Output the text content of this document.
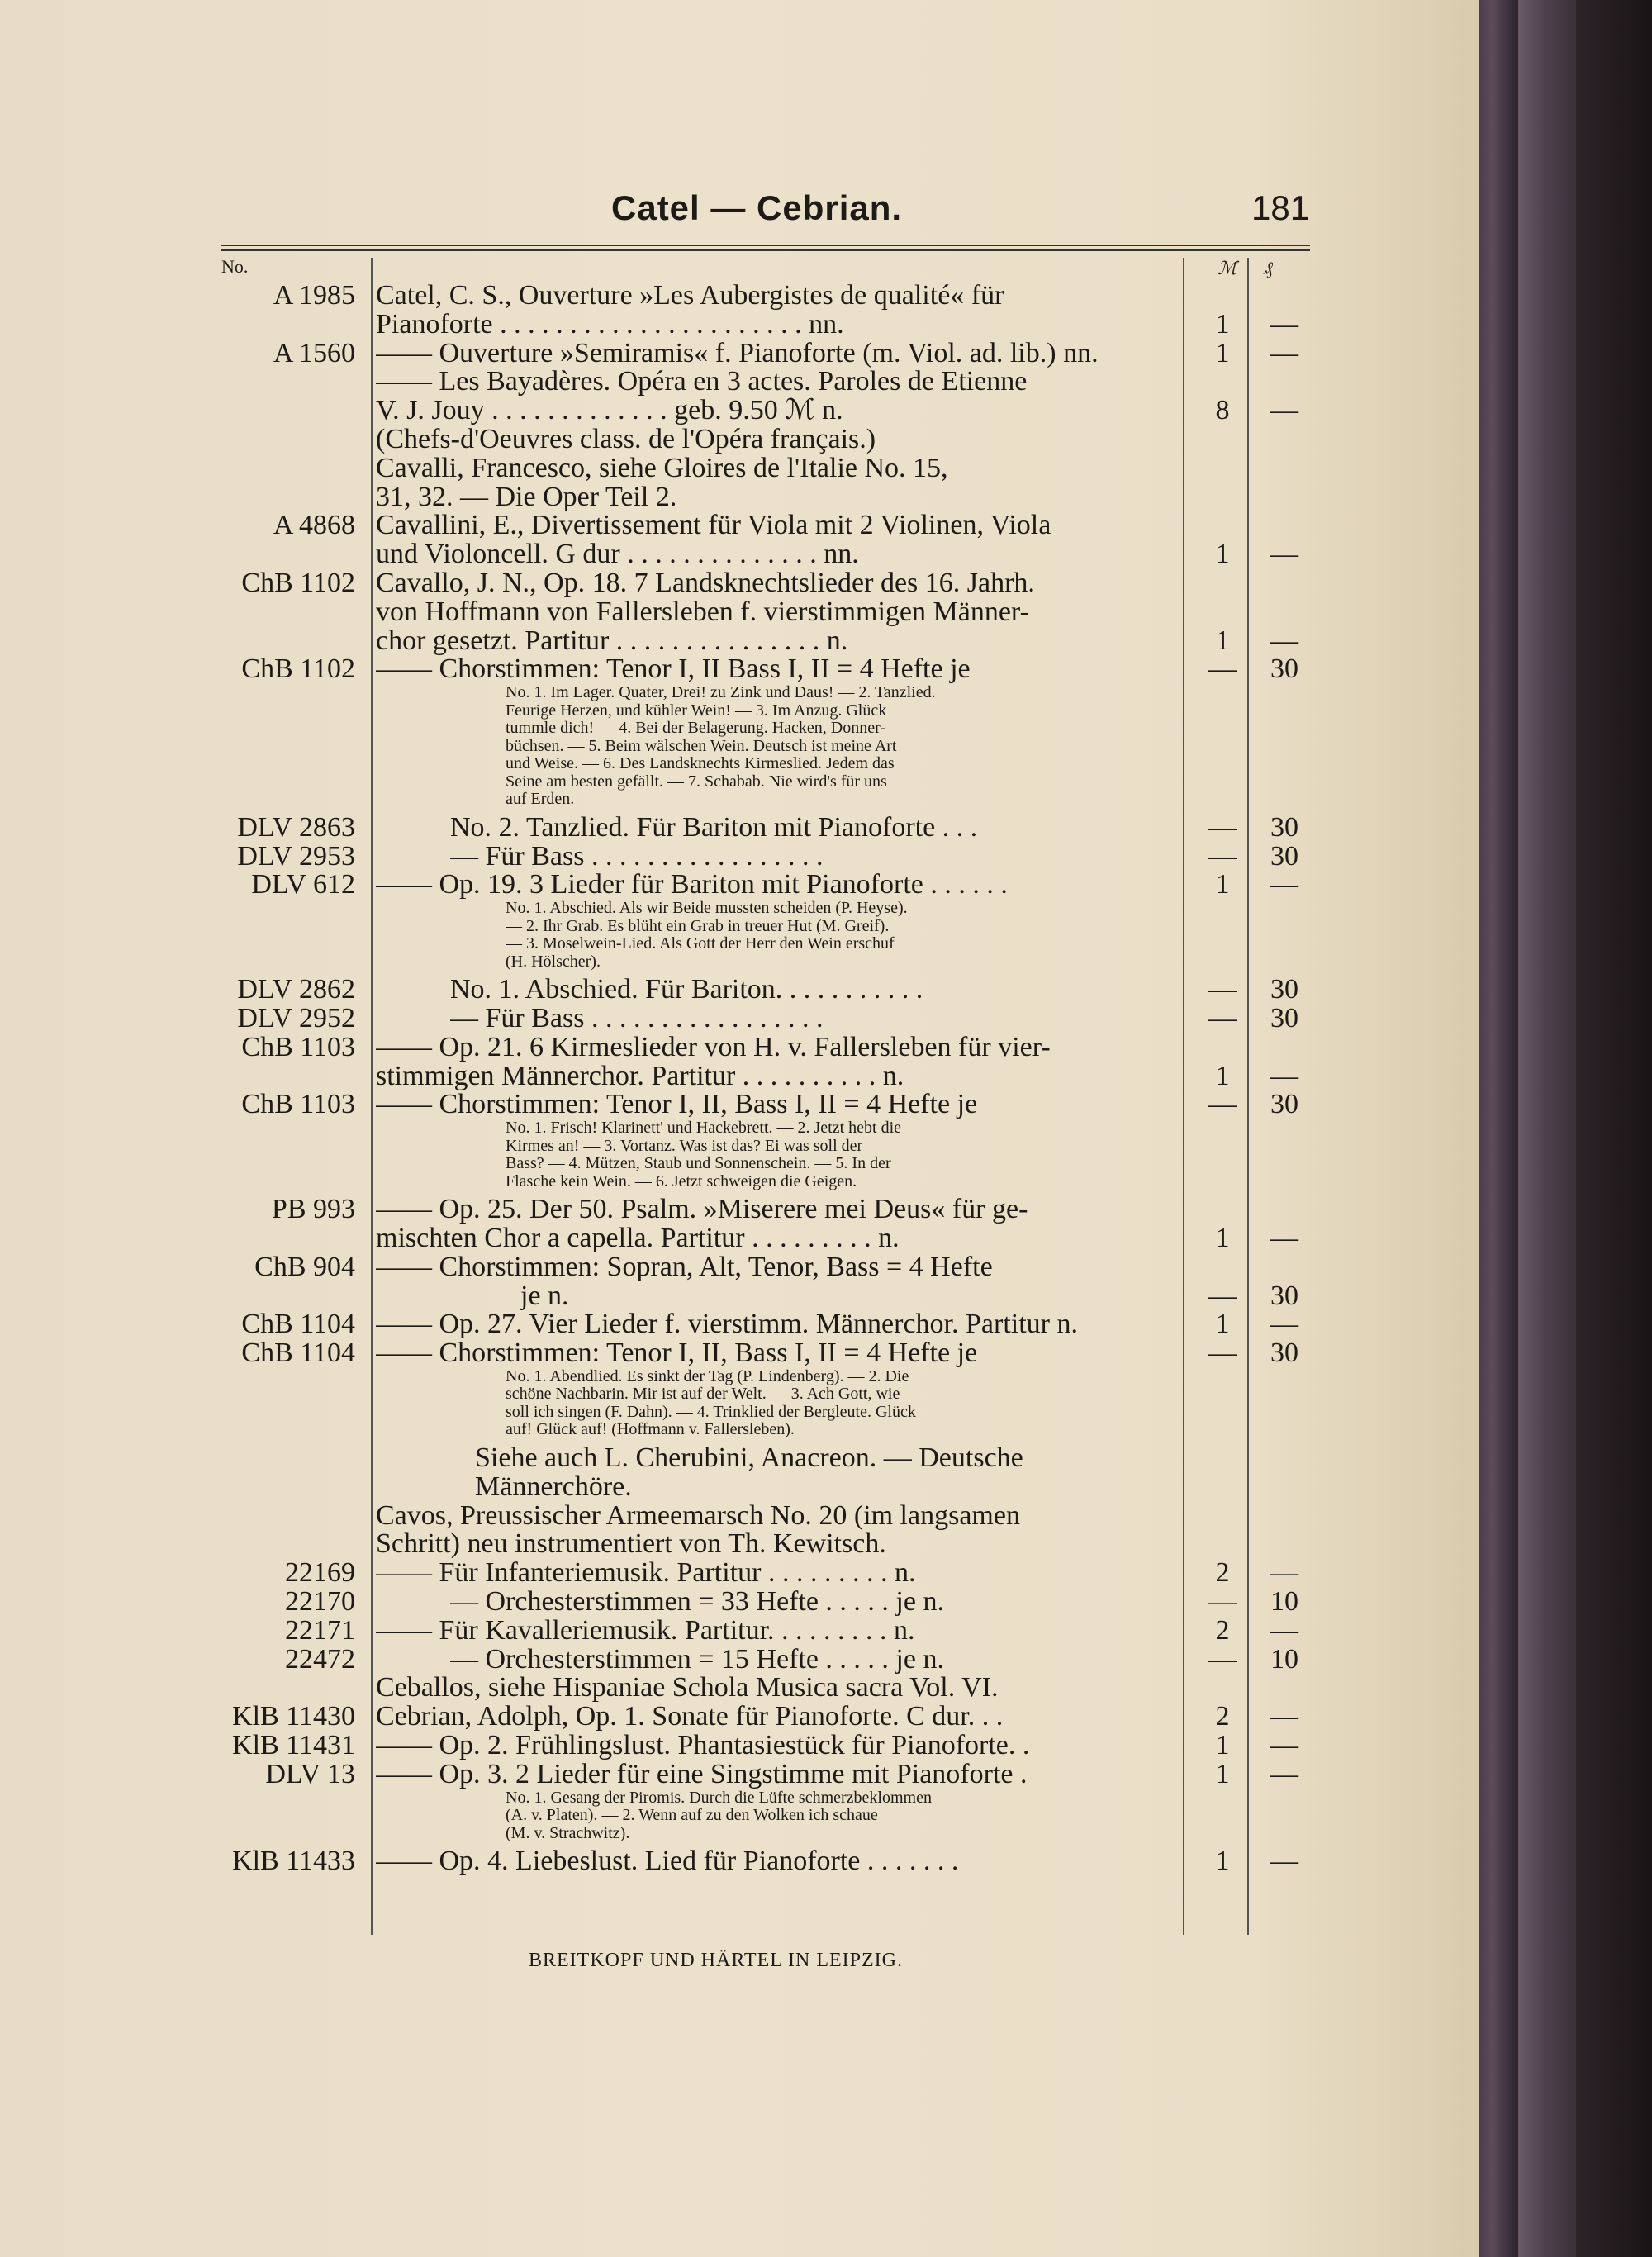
Catel — Cebrian.	181
No.	ℳ ₰
A 1985 Catel, C. S., Ouverture »Les Aubergistes de qualité« für
Pianoforte . . . . . . . . . . . . . . . . . . . . . . nn.	1	—
A 1560 —— Ouverture »Semiramis« f. Pianoforte (m. Viol. ad. lib.) nn.	1	—
—— Les Bayadères. Opéra en 3 actes. Paroles de Etienne
V. J. Jouy . . . . . . . . . . . . . geb. 9.50 ℳ n.	8	—
(Chefs-d'Oeuvres class. de l'Opéra français.)
Cavalli, Francesco, siehe Gloires de l'Italie No. 15,
31, 32. — Die Oper Teil 2.
A 4868 Cavallini, E., Divertissement für Viola mit 2 Violinen, Viola
und Violoncell. G dur . . . . . . . . . . . . . . nn.	1	—
ChB 1102 Cavallo, J. N., Op. 18. 7 Landsknechtslieder des 16. Jahrh.
von Hoffmann von Fallersleben f. vierstimmigen Männer-
chor gesetzt. Partitur . . . . . . . . . . . . . . . n.	1	—
ChB 1102 —— Chorstimmen: Tenor I, II Bass I, II = 4 Hefte je	—	30
No. 1. Im Lager. Quater, Drei! zu Zink und Daus! — 2. Tanzlied.
Feurige Herzen, und kühler Wein! — 3. Im Anzug. Glück
tummle dich! — 4. Bei der Belagerung. Hacken, Donner-
büchsen. — 5. Beim wälschen Wein. Deutsch ist meine Art
und Weise. — 6. Des Landsknechts Kirmeslied. Jedem das
Seine am besten gefällt. — 7. Schabab. Nie wird's für uns
auf Erden.
DLV 2863	No. 2. Tanzlied. Für Bariton mit Pianoforte . . .	—	30
DLV 2953	— Für Bass . . . . . . . . . . . . . . . . .	—	30
DLV 612 —— Op. 19. 3 Lieder für Bariton mit Pianoforte . . . . . .	1	—
No. 1. Abschied. Als wir Beide mussten scheiden (P. Heyse).
— 2. Ihr Grab. Es blüht ein Grab in treuer Hut (M. Greif).
— 3. Moselwein-Lied. Als Gott der Herr den Wein erschuf
(H. Hölscher).
DLV 2862	No. 1. Abschied. Für Bariton. . . . . . . . . . .	—	30
DLV 2952	— Für Bass . . . . . . . . . . . . . . . . .	—	30
ChB 1103 —— Op. 21. 6 Kirmeslieder von H. v. Fallersleben für vier-
stimmigen Männerchor. Partitur . . . . . . . . . . n.	1	—
ChB 1103 —— Chorstimmen: Tenor I, II, Bass I, II = 4 Hefte je	—	30
No. 1. Frisch! Klarinett' und Hackebrett. — 2. Jetzt hebt die
Kirmes an! — 3. Vortanz. Was ist das? Ei was soll der
Bass? — 4. Mützen, Staub und Sonnenschein. — 5. In der
Flasche kein Wein. — 6. Jetzt schweigen die Geigen.
PB 993 —— Op. 25. Der 50. Psalm. »Miserere mei Deus« für ge-
mischten Chor a capella. Partitur . . . . . . . . . n.	1	—
ChB 904 —— Chorstimmen: Sopran, Alt, Tenor, Bass = 4 Hefte
je n.	—	30
ChB 1104 —— Op. 27. Vier Lieder f. vierstimm. Männerchor. Partitur n.	1	—
ChB 1104 —— Chorstimmen: Tenor I, II, Bass I, II = 4 Hefte je	—	30
No. 1. Abendlied. Es sinkt der Tag (P. Lindenberg). — 2. Die
schöne Nachbarin. Mir ist auf der Welt. — 3. Ach Gott, wie
soll ich singen (F. Dahn). — 4. Trinklied der Bergleute. Glück
auf! Glück auf! (Hoffmann v. Fallersleben).
Siehe auch L. Cherubini, Anacreon. — Deutsche
Männerchöre.
Cavos, Preussischer Armeemarsch No. 20 (im langsamen
Schritt) neu instrumentiert von Th. Kewitsch.
22169 —— Für Infanteriemusik. Partitur . . . . . . . . . n.	2	—
22170	— Orchesterstimmen = 33 Hefte . . . . . je n.	—	10
22171 —— Für Kavalleriemusik. Partitur. . . . . . . . . n.	2	—
22472	— Orchesterstimmen = 15 Hefte . . . . . je n.	—	10
Ceballos, siehe Hispaniae Schola Musica sacra Vol. VI.
KlB 11430 Cebrian, Adolph, Op. 1. Sonate für Pianoforte. C dur. . .	2	—
KlB 11431 —— Op. 2. Frühlingslust. Phantasiestück für Pianoforte. .	1	—
DLV 13 —— Op. 3. 2 Lieder für eine Singstimme mit Pianoforte .	1	—
No. 1. Gesang der Piromis. Durch die Lüfte schmerzbeklommen
(A. v. Platen). — 2. Wenn auf zu den Wolken ich schaue
(M. v. Strachwitz).
KlB 11433 —— Op. 4. Liebeslust. Lied für Pianoforte . . . . . . .	1	—
BREITKOPF UND HÄRTEL IN LEIPZIG.
